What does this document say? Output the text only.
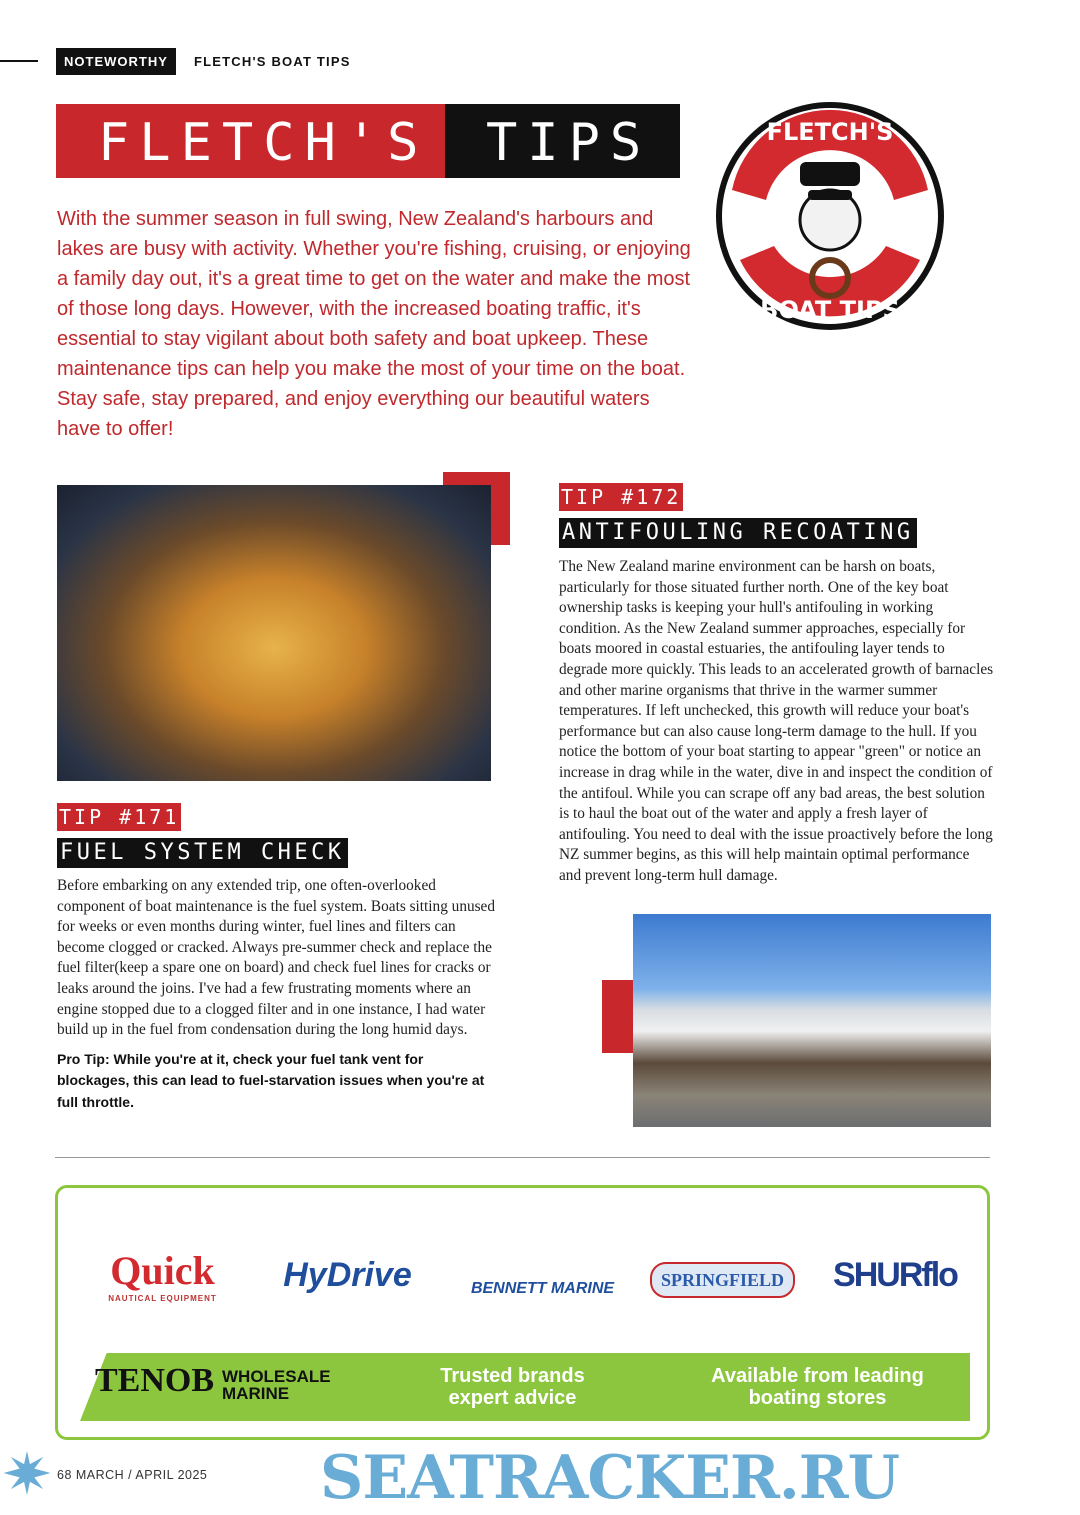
NOTEWORTHY	FLETCH'S BOAT TIPS
FLETCH'S TIPS	FLETCH'S
BOAT TIPS

With the summer season in full swing, New Zealand's harbours and lakes are busy with activity. Whether you're fishing, cruising, or enjoying a family day out, it's a great time to get on the water and make the most of those long days. However, with the increased boating traffic, it's essential to stay vigilant about both safety and boat upkeep. These maintenance tips can help you make the most of your time on the boat. Stay safe, stay prepared, and enjoy everything our beautiful waters have to offer!

TIP #171
FUEL SYSTEM CHECK

Before embarking on any extended trip, one often-overlooked component of boat maintenance is the fuel system. Boats sitting unused for weeks or even months during winter, fuel lines and filters can become clogged or cracked. Always pre-summer check and replace the fuel filter(keep a spare one on board) and check fuel lines for cracks or leaks around the joins. I've had a few frustrating moments where an engine stopped due to a clogged filter and in one instance, I had water build up in the fuel from condensation during the long humid days.

Pro Tip: While you're at it, check your fuel tank vent for blockages, this can lead to fuel-starvation issues when you're at full throttle.

TIP #172
ANTIFOULING RECOATING

The New Zealand marine environment can be harsh on boats, particularly for those situated further north. One of the key boat ownership tasks is keeping your hull's antifouling in working condition. As the New Zealand summer approaches, especially for boats moored in coastal estuaries, the antifouling layer tends to degrade more quickly. This leads to an accelerated growth of barnacles and other marine organisms that thrive in the warmer summer temperatures. If left unchecked, this growth will reduce your boat's performance but can also cause long-term damage to the hull. If you notice the bottom of your boat starting to appear "green" or notice an increase in drag while in the water, dive in and inspect the condition of the antifoul. While you can scrape off any bad areas, the best solution is to haul the boat out of the water and apply a fresh layer of antifouling. You need to deal with the issue proactively before the long NZ summer begins, as this will help maintain optimal performance and prevent long-term hull damage.

Quick
NAUTICAL EQUIPMENT
HyDrive	BENNETT MARINE	SPRINGFIELD	SHURflo
TENOB WHOLESALE
MARINE
Trusted brands expert advice
Available from leading boating stores
68 MARCH / APRIL 2025 SEATRACKER.RU
